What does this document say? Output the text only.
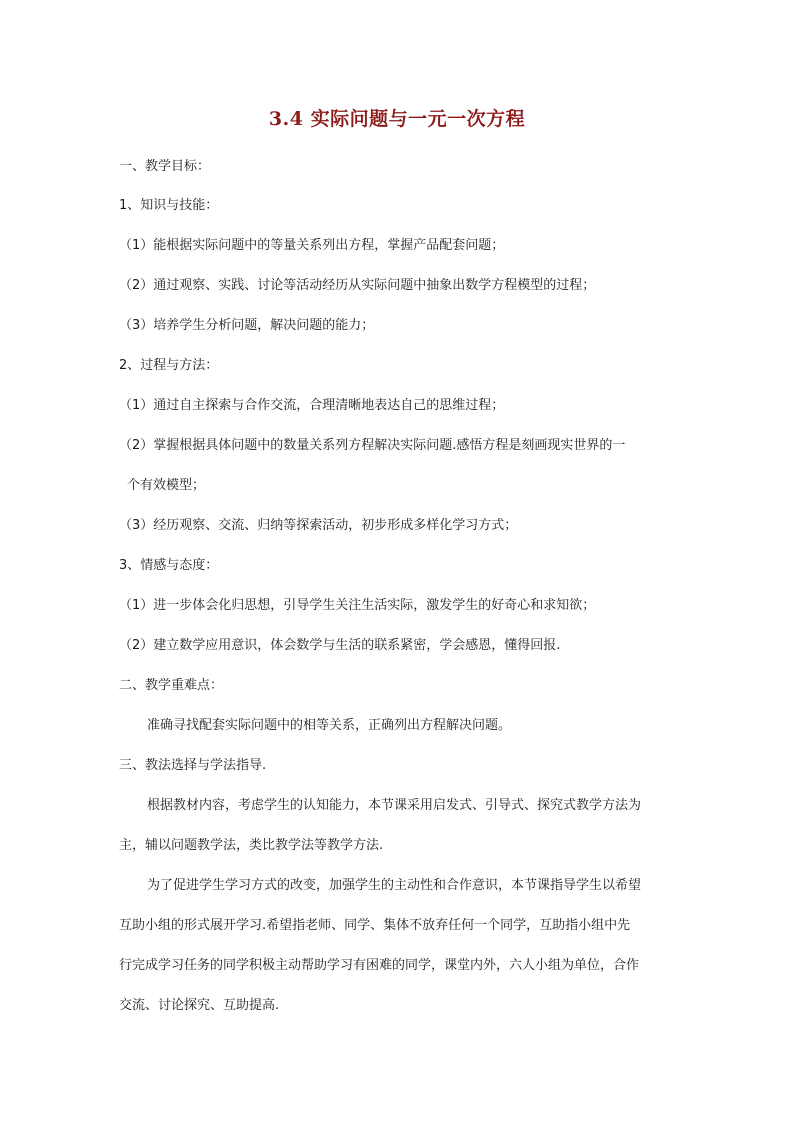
3.4 实际问题与一元一次方程
一、教学目标：
1、知识与技能：
（1）能根据实际问题中的等量关系列出方程，掌握产品配套问题；
（2）通过观察、实践、讨论等活动经历从实际问题中抽象出数学方程模型的过程；
（3）培养学生分析问题，解决问题的能力；
2、过程与方法：
（1）通过自主探索与合作交流，合理清晰地表达自己的思维过程；
（2）掌握根据具体问题中的数量关系列方程解决实际问题.感悟方程是刻画现实世界的一
个有效模型；
（3）经历观察、交流、归纳等探索活动，初步形成多样化学习方式；
3、情感与态度：
（1）进一步体会化归思想，引导学生关注生活实际，激发学生的好奇心和求知欲；
（2）建立数学应用意识，体会数学与生活的联系紧密，学会感恩，懂得回报.
二、教学重难点：
准确寻找配套实际问题中的相等关系，正确列出方程解决问题。
三、教法选择与学法指导.
根据教材内容，考虑学生的认知能力，本节课采用启发式、引导式、探究式教学方法为
主，辅以问题教学法，类比教学法等教学方法.
为了促进学生学习方式的改变，加强学生的主动性和合作意识，本节课指导学生以希望
互助小组的形式展开学习.希望指老师、同学、集体不放弃任何一个同学，互助指小组中先
行完成学习任务的同学积极主动帮助学习有困难的同学，课堂内外，六人小组为单位，合作
交流、讨论探究、互助提高.
